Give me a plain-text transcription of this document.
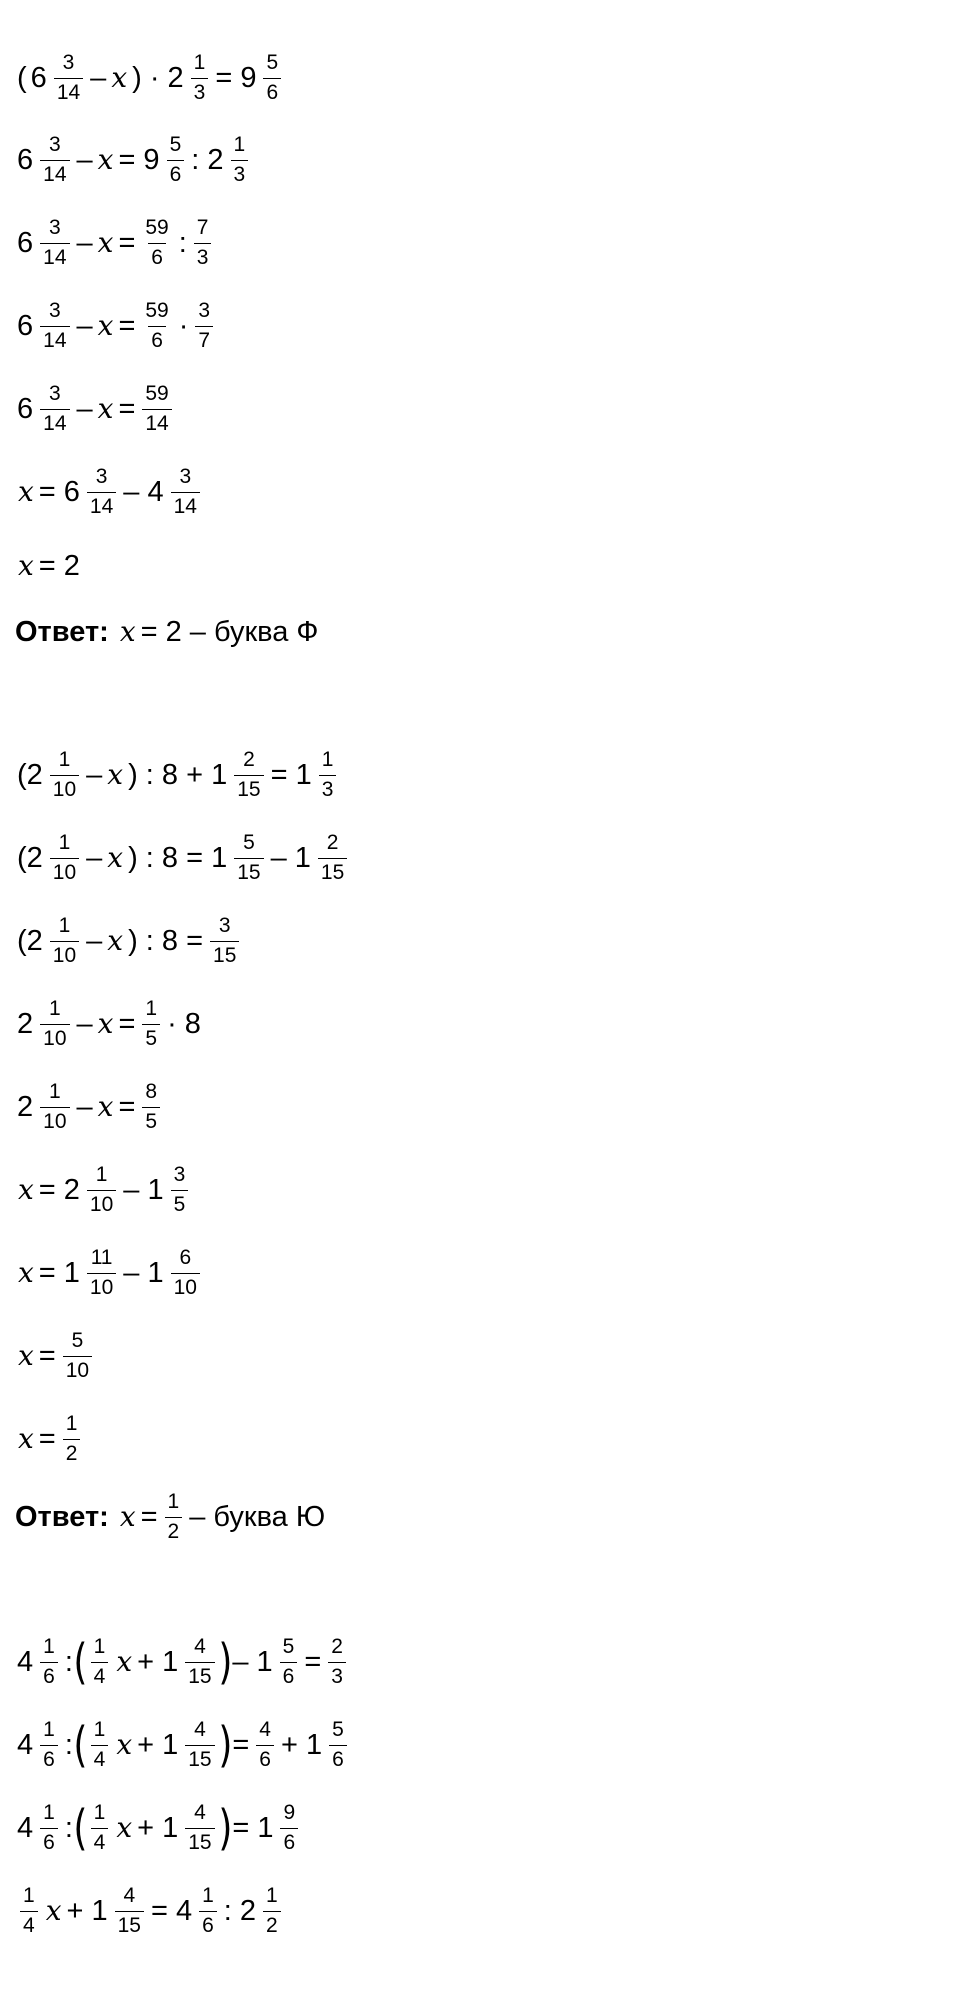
( $6 \frac{3}{14}$ – x ) · $2 \frac{1}{3} = 9 \frac{5}{6}$
$6 \frac{3}{14} - x = 9 \frac{5}{6}$ : $2 \frac{1}{3}$
$6 \frac{3}{14} - x = \frac{59}{6}$ : $\frac{7}{3}$
$6 \frac{3}{14} - x = \frac{59}{6} \cdot \frac{3}{7}$
$6 \frac{3}{14} - x = \frac{59}{14}$
$x = 6 \frac{3}{14} - 4 \frac{3}{14}$
x = 2
Ответ: x = 2 – буква Ф
($2 \frac{1}{10}$ – x ) : $8 + 1 \frac{2}{15} = 1 \frac{1}{3}$
($2 \frac{1}{10}$ – x ) : $8 = 1 \frac{5}{15} - 1 \frac{2}{15}$
($2 \frac{1}{10}$ – x ) : $8 = \frac{3}{15}$
$2 \frac{1}{10} - x = \frac{1}{5} \cdot 8$
$2 \frac{1}{10} - x = \frac{8}{5}$
$x = 2 \frac{1}{10} - 1 \frac{3}{5}$
$x = 1 \frac{11}{10} - 1 \frac{6}{10}$
$x = \frac{5}{10}$
$x = \frac{1}{2}$
Ответ: $x = \frac{1}{2}$ – буква Ю
$4 \frac{1}{6}$ : ( $\frac{1}{4}$ $x + 1 \frac{4}{15}$ ) – $1 \frac{5}{6} = \frac{2}{3}$
$4 \frac{1}{6}$ : ( $\frac{1}{4}$ $x + 1 \frac{4}{15}$ ) = $\frac{4}{6} + 1 \frac{5}{6}$
$4 \frac{1}{6}$ : ( $\frac{1}{4}$ $x + 1 \frac{4}{15}$ ) = $1 \frac{9}{6}$
$\frac{1}{4}$ $x + 1 \frac{4}{15} = 4 \frac{1}{6}$ : $2 \frac{1}{2}$
